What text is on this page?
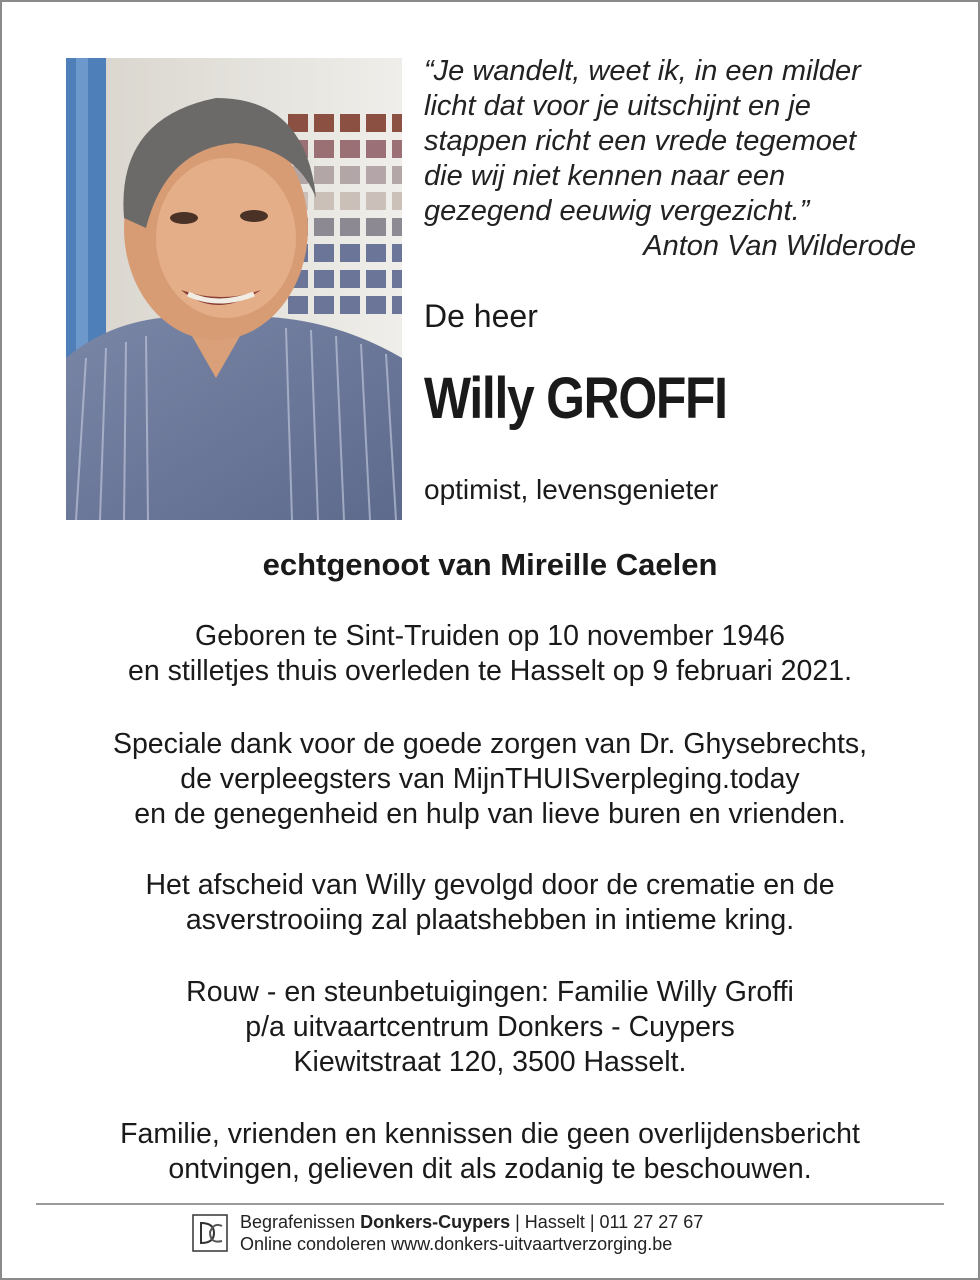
“Je wandelt, weet ik, in een milder
licht dat voor je uitschijnt en je
stappen richt een vrede tegemoet
die wij niet kennen naar een
gezegend eeuwig vergezicht.”
Anton Van Wilderode
De heer
Willy GROFFI
optimist, levensgenieter
echtgenoot van Mireille Caelen
Geboren te Sint-Truiden op 10 november 1946
en stilletjes thuis overleden te Hasselt op 9 februari 2021.
Speciale dank voor de goede zorgen van Dr. Ghysebrechts,
de verpleegsters van MijnTHUISverpleging.today
en de genegenheid en hulp van lieve buren en vrienden.
Het afscheid van Willy gevolgd door de crematie en de
asverstrooiing zal plaatshebben in intieme kring.
Rouw - en steunbetuigingen: Familie Willy Groffi
p/a uitvaartcentrum Donkers - Cuypers
Kiewitstraat 120, 3500 Hasselt.
Familie, vrienden en kennissen die geen overlijdensbericht
ontvingen, gelieven dit als zodanig te beschouwen.
Begrafenissen Donkers-Cuypers | Hasselt | 011 27 27 67
Online condoleren www.donkers-uitvaartverzorging.be
